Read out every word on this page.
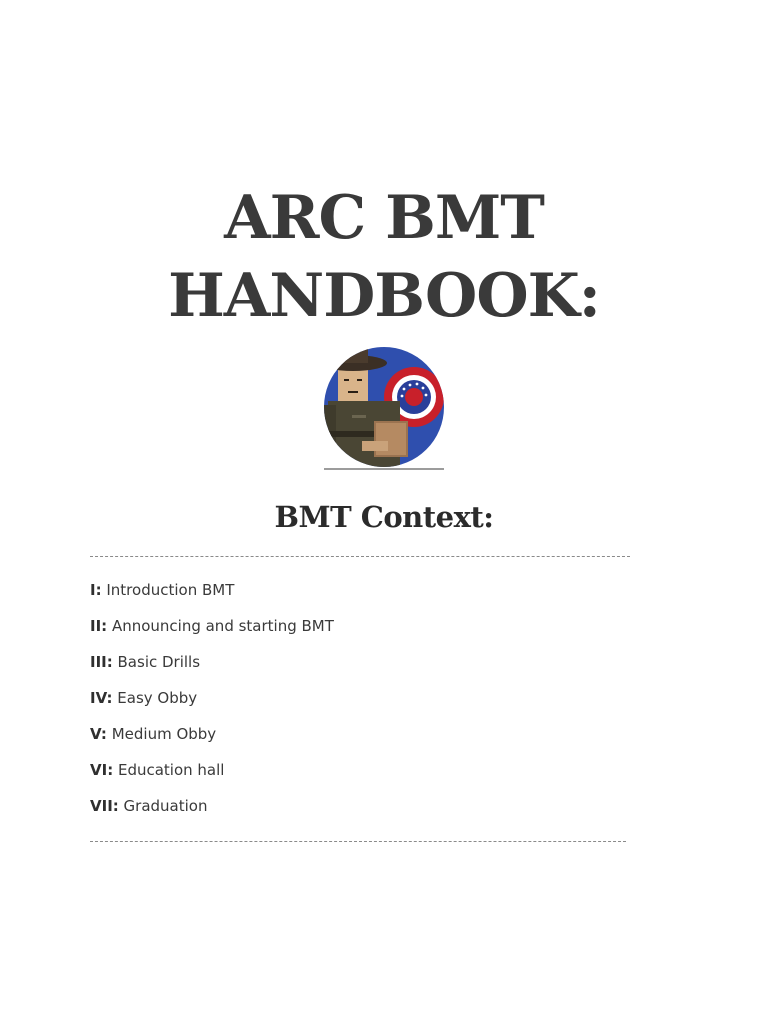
ARC BMT
HANDBOOK:
BMT Context:
I: Introduction BMT
II: Announcing and starting BMT
III: Basic Drills
IV: Easy Obby
V: Medium Obby
VI: Education hall
VII: Graduation
